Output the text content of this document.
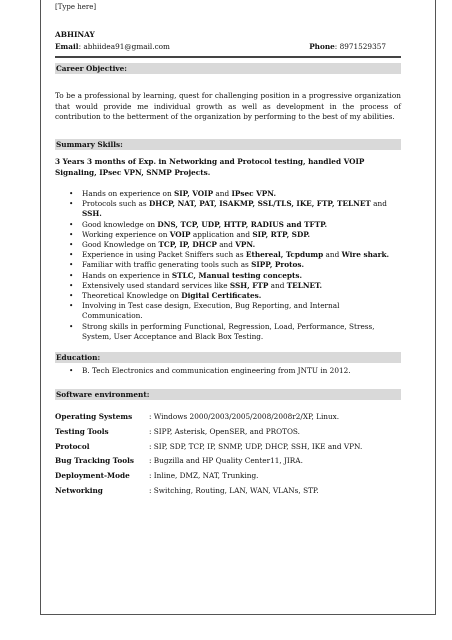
[Type here]
ABHINAY
Email: abhiidea91@gmail.com	Phone: 8971529357
Career Objective:
To be a professional by learning, quest for challenging position in a progressive organization that would provide me individual growth as well as development in the process of contribution to the betterment of the organization by performing to the best of my abilities.
Summary Skills:
3 Years 3 months of Exp. in Networking and Protocol testing, handled VOIP Signaling, IPsec VPN, SNMP Projects.
• Hands on experience on SIP, VOIP and IPsec VPN.
• Protocols such as DHCP, NAT, PAT, ISAKMP, SSL/TLS, IKE, FTP, TELNET and SSH.
• Good knowledge on DNS, TCP, UDP, HTTP, RADIUS and TFTP.
• Working experience on VOIP application and SIP, RTP, SDP.
• Good Knowledge on TCP, IP, DHCP and VPN.
• Experience in using Packet Sniffers such as Ethereal, Tcpdump and Wire shark.
• Familiar with traffic generating tools such as SIPP, Protos.
• Hands on experience in STLC, Manual testing concepts.
• Extensively used standard services like SSH, FTP and TELNET.
• Theoretical Knowledge on Digital Certificates.
• Involving in Test case design, Execution, Bug Reporting, and Internal Communication.
• Strong skills in performing Functional, Regression, Load, Performance, Stress, System, User Acceptance and Black Box Testing.
Education:
• B. Tech Electronics and communication engineering from JNTU in 2012.
Software environment:
Operating Systems : Windows 2000/2003/2005/2008/2008r2/XP, Linux.
Testing Tools	: SIPP, Asterisk, OpenSER, and PROTOS.
Protocol	: SIP, SDP, TCP, IP, SNMP, UDP, DHCP, SSH, IKE and VPN.
Bug Tracking Tools : Bugzilla and HP Quality Center11, JIRA.
Deployment-Mode	: Inline, DMZ, NAT, Trunking.
Networking	: Switching, Routing, LAN, WAN, VLANs, STP.
